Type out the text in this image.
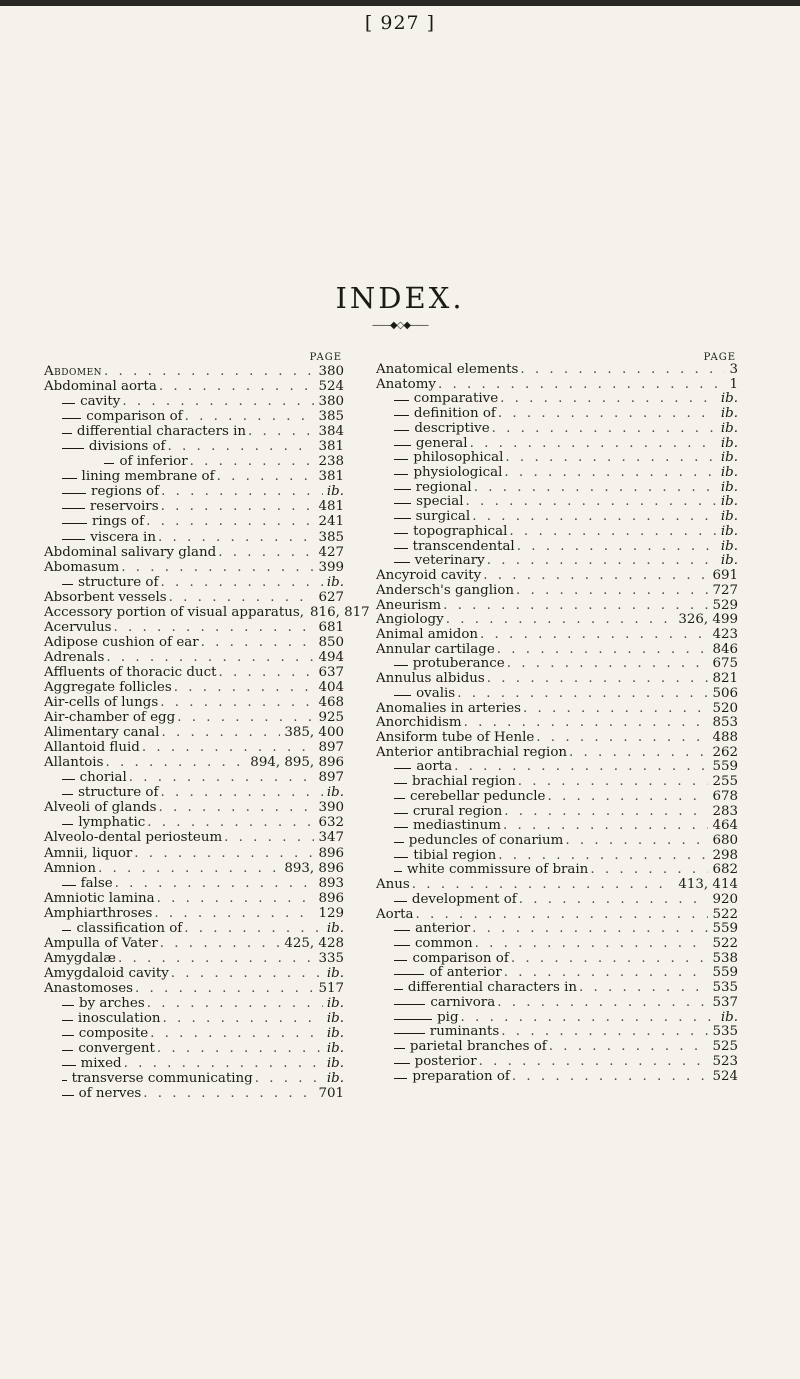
[ 927 ]
INDEX.
——◆◇◆——
PAGE
Abdomen . . .	380
Abdominal aorta . . .	524
cavity . . .	380
comparison of . . .	385
differential characters in . . .	384
divisions of . . .	381
of inferior . . .	238
lining membrane of . . .	381
regions of . . .	ib.
reservoirs . . .	481
rings of . . .	241
viscera in . . .	385
Abdominal salivary gland . . .	427
Abomasum . . .	399
structure of . . .	ib.
Absorbent vessels . . .	627
Accessory portion of visual apparatus, . . . 816, 817
Acervulus . . .	681
Adipose cushion of ear . . .	850
Adrenals . . .	494
Affluents of thoracic duct . . .	637
Aggregate follicles . . .	404
Air-cells of lungs . . .	468
Air-chamber of egg . . .	925
Alimentary canal . . .	385, 400
Allantoid fluid . . .	897
Allantois . . .	894, 895, 896
chorial . . .	897
structure of . . .	ib.
Alveoli of glands . . .	390
lymphatic . . .	632
Alveolo-dental periosteum . . .	347
Amnii, liquor . . .	896
Amnion . . .	893, 896
false . . .	893
Amniotic lamina . . .	896
Amphiarthroses . . .	129
classification of . . .	ib.
Ampulla of Vater . . .	425, 428
Amygdalæ . . .	335
Amygdaloid cavity . . .	ib.
Anastomoses . . .	517
by arches . . .	ib.
inosculation . . .	ib.
composite . . .	ib.
convergent . . .	ib.
mixed . . .	ib.
transverse communicating . . .	ib.
of nerves . . .	701
PAGE
Anatomical elements . . .	3
Anatomy . . .	1
comparative . . .	ib.
definition of . . .	ib.
descriptive . . .	ib.
general . . .	ib.
philosophical . . .	ib.
physiological . . .	ib.
regional . . .	ib.
special . . .	ib.
surgical . . .	ib.
topographical . . .	ib.
transcendental . . .	ib.
veterinary . . .	ib.
Ancyroid cavity . . .	691
Andersch's ganglion . . .	727
Aneurism . . .	529
Angiology . . .	326, 499
Animal amidon . . .	423
Annular cartilage . . .	846
protuberance . . .	675
Annulus albidus . . .	821
ovalis . . .	506
Anomalies in arteries . . .	520
Anorchidism . . .	853
Ansiform tube of Henle . . .	488
Anterior antibrachial region . . .	262
aorta . . .	559
brachial region . . .	255
cerebellar peduncle . . .	678
crural region . . .	283
mediastinum . . .	464
peduncles of conarium . . .	680
tibial region . . .	298
white commissure of brain . . .	682
Anus . . .	413, 414
development of . . .	920
Aorta . . .	522
anterior . . .	559
common . . .	522
comparison of . . .	538
of anterior . . .	559
differential characters in . . .	535
carnivora . . .	537
pig . . .	ib.
ruminants . . .	535
parietal branches of . . .	525
posterior . . .	523
preparation of . . .	524
